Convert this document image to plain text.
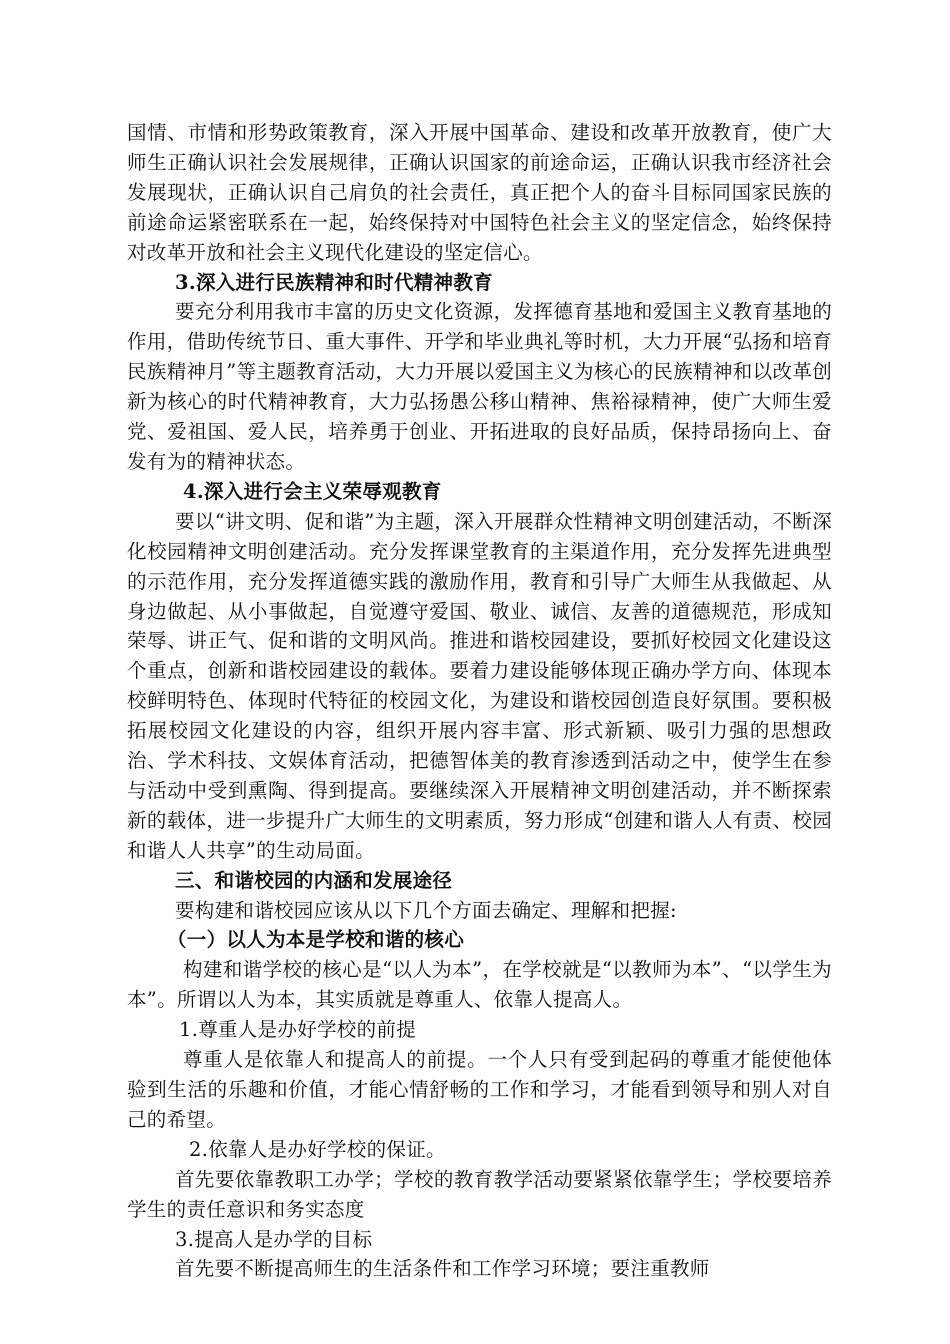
国情、市情和形势政策教育，深入开展中国革命、建设和改革开放教育，使广大师生正确认识社会发展规律，正确认识国家的前途命运，正确认识我市经济社会发展现状，正确认识自己肩负的社会责任，真正把个人的奋斗目标同国家民族的前途命运紧密联系在一起，始终保持对中国特色社会主义的坚定信念，始终保持对改革开放和社会主义现代化建设的坚定信心。

3.深入进行民族精神和时代精神教育

要充分利用我市丰富的历史文化资源，发挥德育基地和爱国主义教育基地的作用，借助传统节日、重大事件、开学和毕业典礼等时机，大力开展“弘扬和培育民族精神月”等主题教育活动，大力开展以爱国主义为核心的民族精神和以改革创新为核心的时代精神教育，大力弘扬愚公移山精神、焦裕禄精神，使广大师生爱党、爱祖国、爱人民，培养勇于创业、开拓进取的良好品质，保持昂扬向上、奋发有为的精神状态。

4.深入进行会主义荣辱观教育

要以“讲文明、促和谐”为主题，深入开展群众性精神文明创建活动，不断深化校园精神文明创建活动。充分发挥课堂教育的主渠道作用，充分发挥先进典型的示范作用，充分发挥道德实践的激励作用，教育和引导广大师生从我做起、从身边做起、从小事做起，自觉遵守爱国、敬业、诚信、友善的道德规范，形成知荣辱、讲正气、促和谐的文明风尚。推进和谐校园建设，要抓好校园文化建设这个重点，创新和谐校园建设的载体。要着力建设能够体现正确办学方向、体现本校鲜明特色、体现时代特征的校园文化，为建设和谐校园创造良好氛围。要积极拓展校园文化建设的内容，组织开展内容丰富、形式新颖、吸引力强的思想政治、学术科技、文娱体育活动，把德智体美的教育渗透到活动之中，使学生在参与活动中受到熏陶、得到提高。要继续深入开展精神文明创建活动，并不断探索新的载体，进一步提升广大师生的文明素质，努力形成“创建和谐人人有责、校园和谐人人共享”的生动局面。

三、和谐校园的内涵和发展途径

要构建和谐校园应该从以下几个方面去确定、理解和把握:

（一）以人为本是学校和谐的核心

构建和谐学校的核心是“以人为本”，在学校就是“以教师为本”、“以学生为本”。所谓以人为本，其实质就是尊重人、依靠人提高人。

1.尊重人是办好学校的前提

尊重人是依靠人和提高人的前提。一个人只有受到起码的尊重才能使他体验到生活的乐趣和价值，才能心情舒畅的工作和学习，才能看到领导和别人对自己的希望。

2.依靠人是办好学校的保证。

首先要依靠教职工办学；学校的教育教学活动要紧紧依靠学生；学校要培养学生的责任意识和务实态度

3.提高人是办学的目标

首先要不断提高师生的生活条件和工作学习环境；要注重教师
